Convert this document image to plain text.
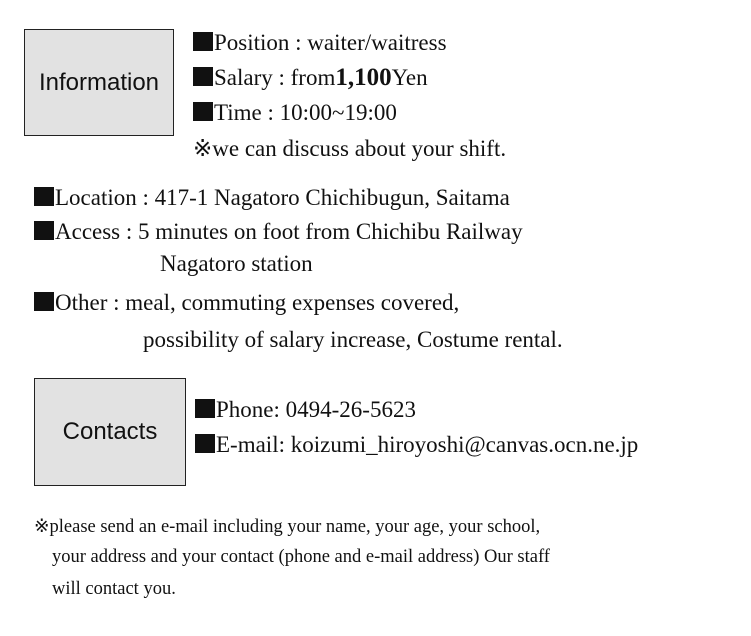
Information
Position : waiter/waitress
Salary : from1,100Yen
Time : 10:00~19:00
※we can discuss about your shift.
Location : 417-1 Nagatoro Chichibugun, Saitama
Access : 5 minutes on foot from Chichibu Railway
Nagatoro station
Other : meal, commuting expenses covered,
possibility of salary increase, Costume rental.
Contacts
Phone: 0494-26-5623
E-mail: koizumi_hiroyoshi@canvas.ocn.ne.jp
※please send an e-mail including your name, your age, your school,
your address and your contact (phone and e-mail address) Our staff
will contact you.
